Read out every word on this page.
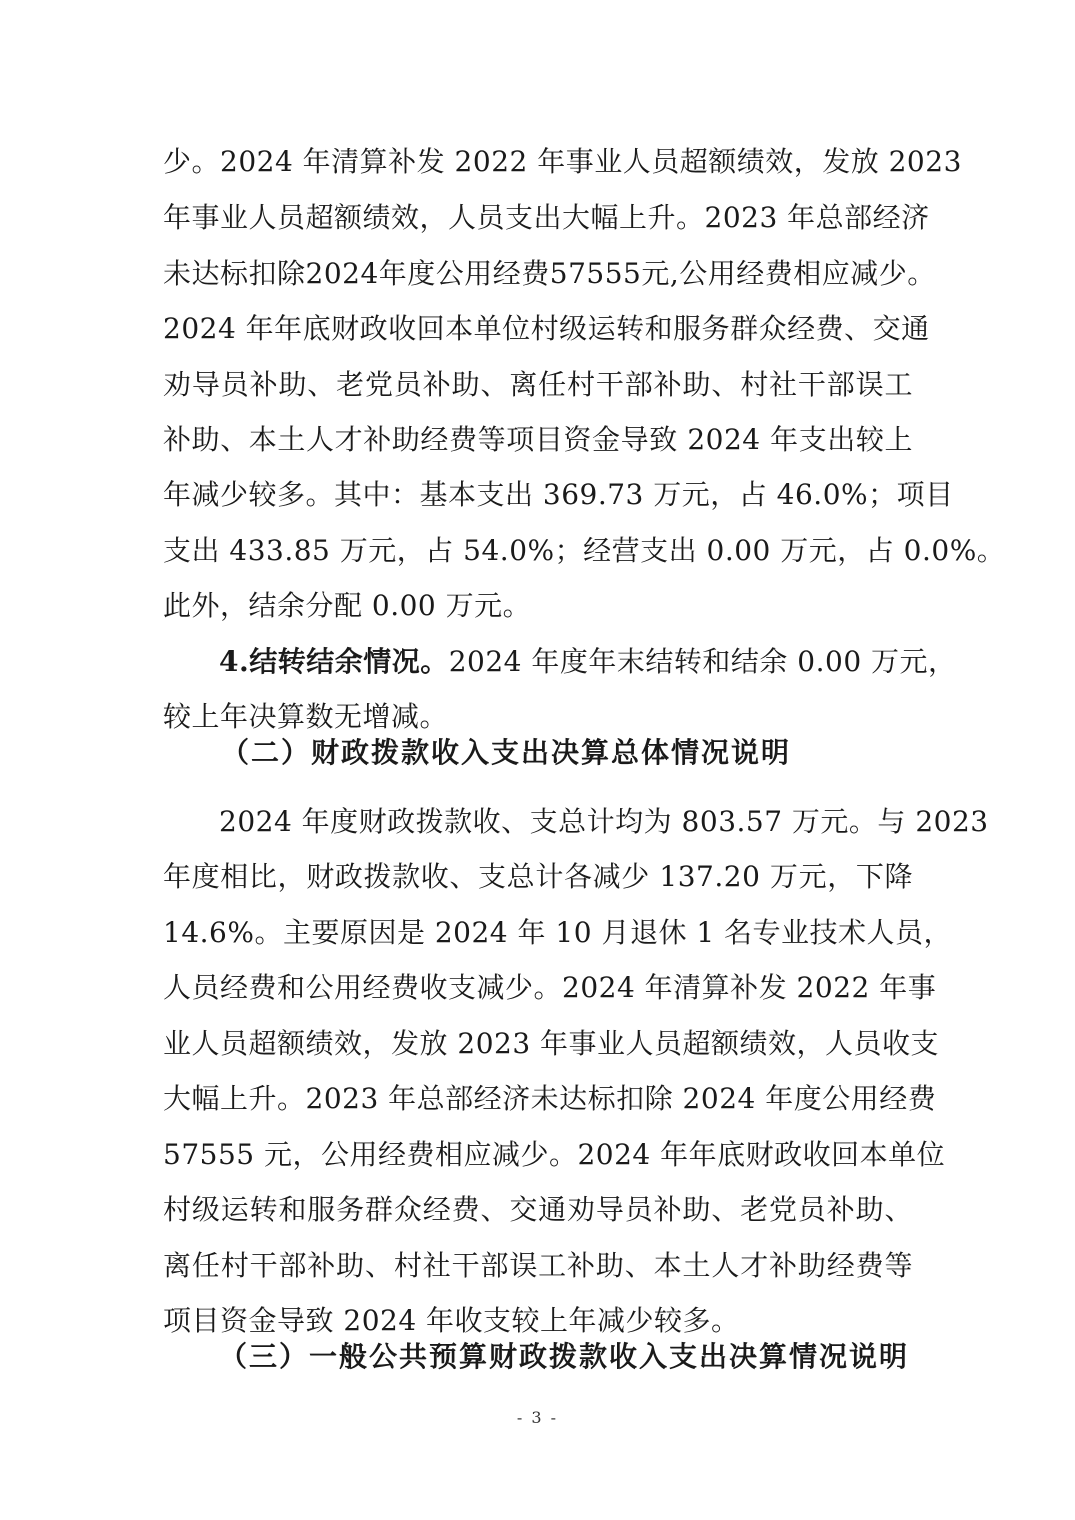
少。2024 年清算补发 2022 年事业人员超额绩效，发放 2023
年事业人员超额绩效，人员支出大幅上升。2023 年总部经济
未达标扣除2024年度公用经费57555元,公用经费相应减少。
2024 年年底财政收回本单位村级运转和服务群众经费、交通
劝导员补助、老党员补助、离任村干部补助、村社干部误工
补助、本土人才补助经费等项目资金导致 2024 年支出较上
年减少较多。其中：基本支出 369.73 万元，占 46.0%；项目
支出 433.85 万元，占 54.0%；经营支出 0.00 万元，占 0.0%。
此外，结余分配 0.00 万元。
4.结转结余情况。2024 年度年末结转和结余 0.00 万元，
较上年决算数无增减。
（二）财政拨款收入支出决算总体情况说明
2024 年度财政拨款收、支总计均为 803.57 万元。与 2023
年度相比，财政拨款收、支总计各减少 137.20 万元，下降
14.6%。主要原因是 2024 年 10 月退休 1 名专业技术人员，
人员经费和公用经费收支减少。2024 年清算补发 2022 年事
业人员超额绩效，发放 2023 年事业人员超额绩效，人员收支
大幅上升。2023 年总部经济未达标扣除 2024 年度公用经费
57555 元，公用经费相应减少。2024 年年底财政收回本单位
村级运转和服务群众经费、交通劝导员补助、老党员补助、
离任村干部补助、村社干部误工补助、本土人才补助经费等
项目资金导致 2024 年收支较上年减少较多。
（三）一般公共预算财政拨款收入支出决算情况说明
- 3 -
